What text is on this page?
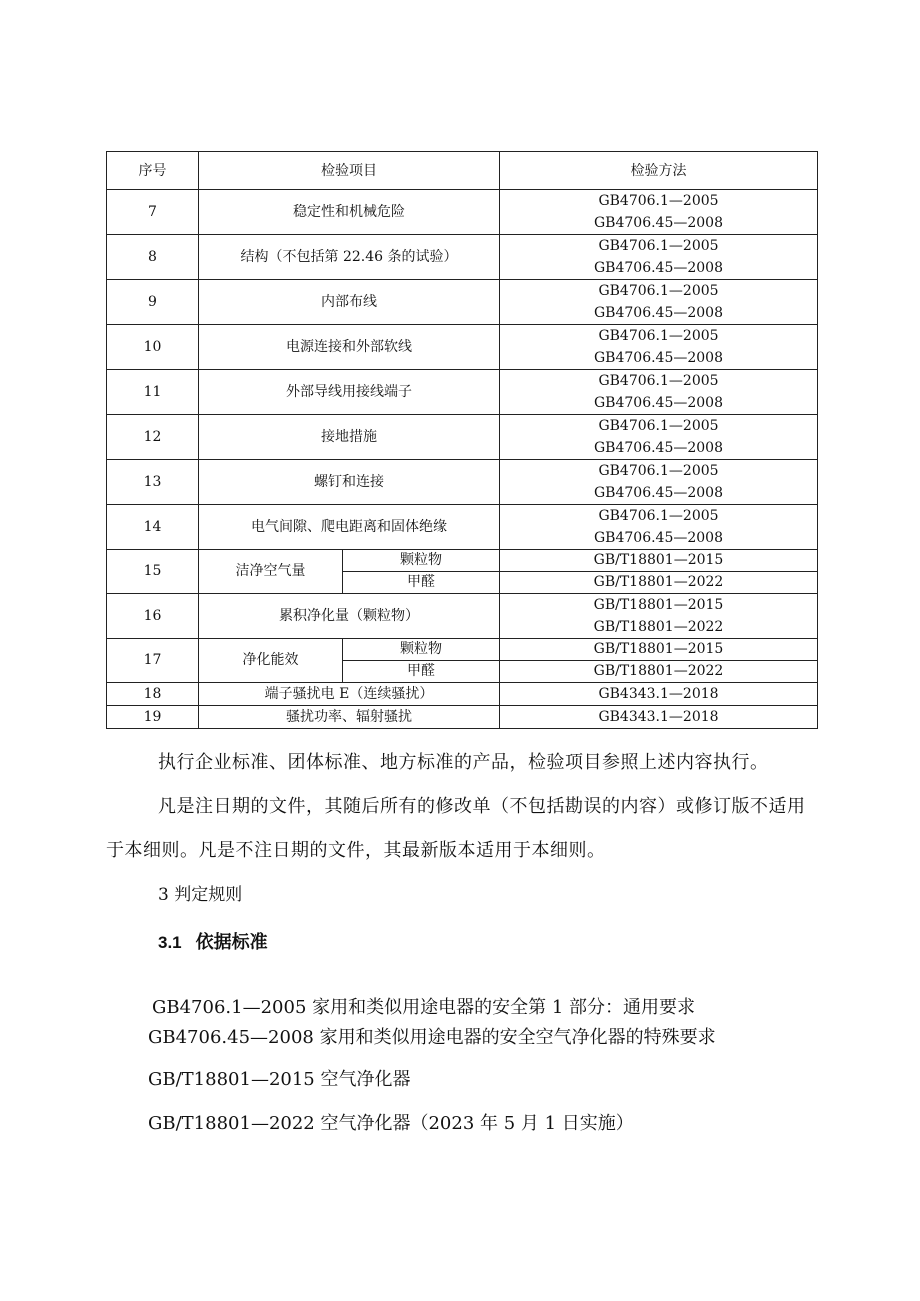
序号	检验项目		检验方法
7	稳定性和机械危险		GB4706.1—2005
GB4706.45—2008

8	结构（不包括第 22.46 条的试验）		GB4706.1—2005
GB4706.45—2008

9	内部布线		GB4706.1—2005
GB4706.45—2008

10	电源连接和外部软线		GB4706.1—2005
GB4706.45—2008

11	外部导线用接线端子		GB4706.1—2005
GB4706.45—2008

12	接地措施		GB4706.1—2005
GB4706.45—2008

13	螺钉和连接		GB4706.1—2005
GB4706.45—2008

14	电气间隙、爬电距离和固体绝缘		GB4706.1—2005
GB4706.45—2008

15	洁净空气量	颗粒物	GB/T18801—2015
		甲醛	GB/T18801—2022
16	累积净化量（颗粒物）		GB/T18801—2015
GB/T18801—2022

17	净化能效	颗粒物	GB/T18801—2015
		甲醛	GB/T18801—2022
18	端子骚扰电 E（连续骚扰）		GB4343.1—2018
19	骚扰功率、辐射骚扰		GB4343.1—2018

执行企业标准、团体标准、地方标准的产品，检验项目参照上述内容执行。

凡是注日期的文件，其随后所有的修改单（不包括勘误的内容）或修订版不适用于本细则。凡是不注日期的文件，其最新版本适用于本细则。

3 判定规则

3.1 依据标准

GB4706.1—2005 家用和类似用途电器的安全第 1 部分：通用要求

GB4706.45—2008 家用和类似用途电器的安全空气净化器的特殊要求

GB/T18801—2015 空气净化器

GB/T18801—2022 空气净化器（2023 年 5 月 1 日实施）
